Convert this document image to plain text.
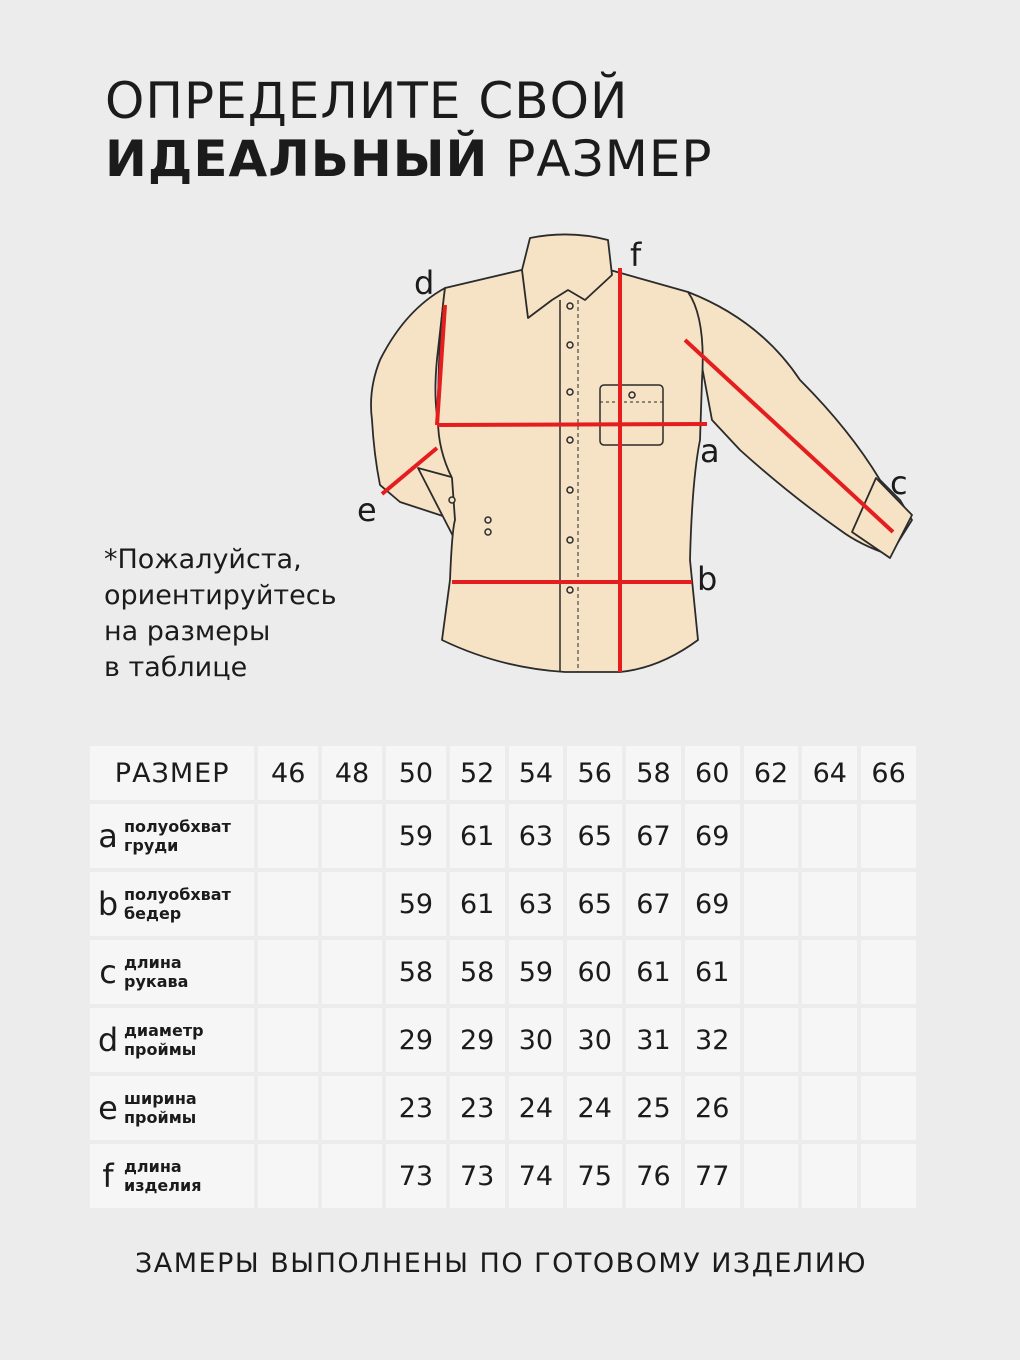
ОПРЕДЕЛИТЕ СВОЙ
ИДЕАЛЬНЫЙ РАЗМЕР
d
f
a
c
e
b
*Пожалуйста,
ориентируйтесь
на размеры
в таблице
РАЗМЕР	46	48	50	52	54	56	58	60	62	64	66
a полуобхват
груди			59	61	63	65	67	69			
b полуобхват
бедер			59	61	63	65	67	69			
c длина
рукава			58	58	59	60	61	61			
d диаметр
проймы			29	29	30	30	31	32			
e ширина
проймы			23	23	24	24	25	26			
f длина
изделия			73	73	74	75	76	77			
ЗАМЕРЫ ВЫПОЛНЕНЫ ПО ГОТОВОМУ ИЗДЕЛИЮ
